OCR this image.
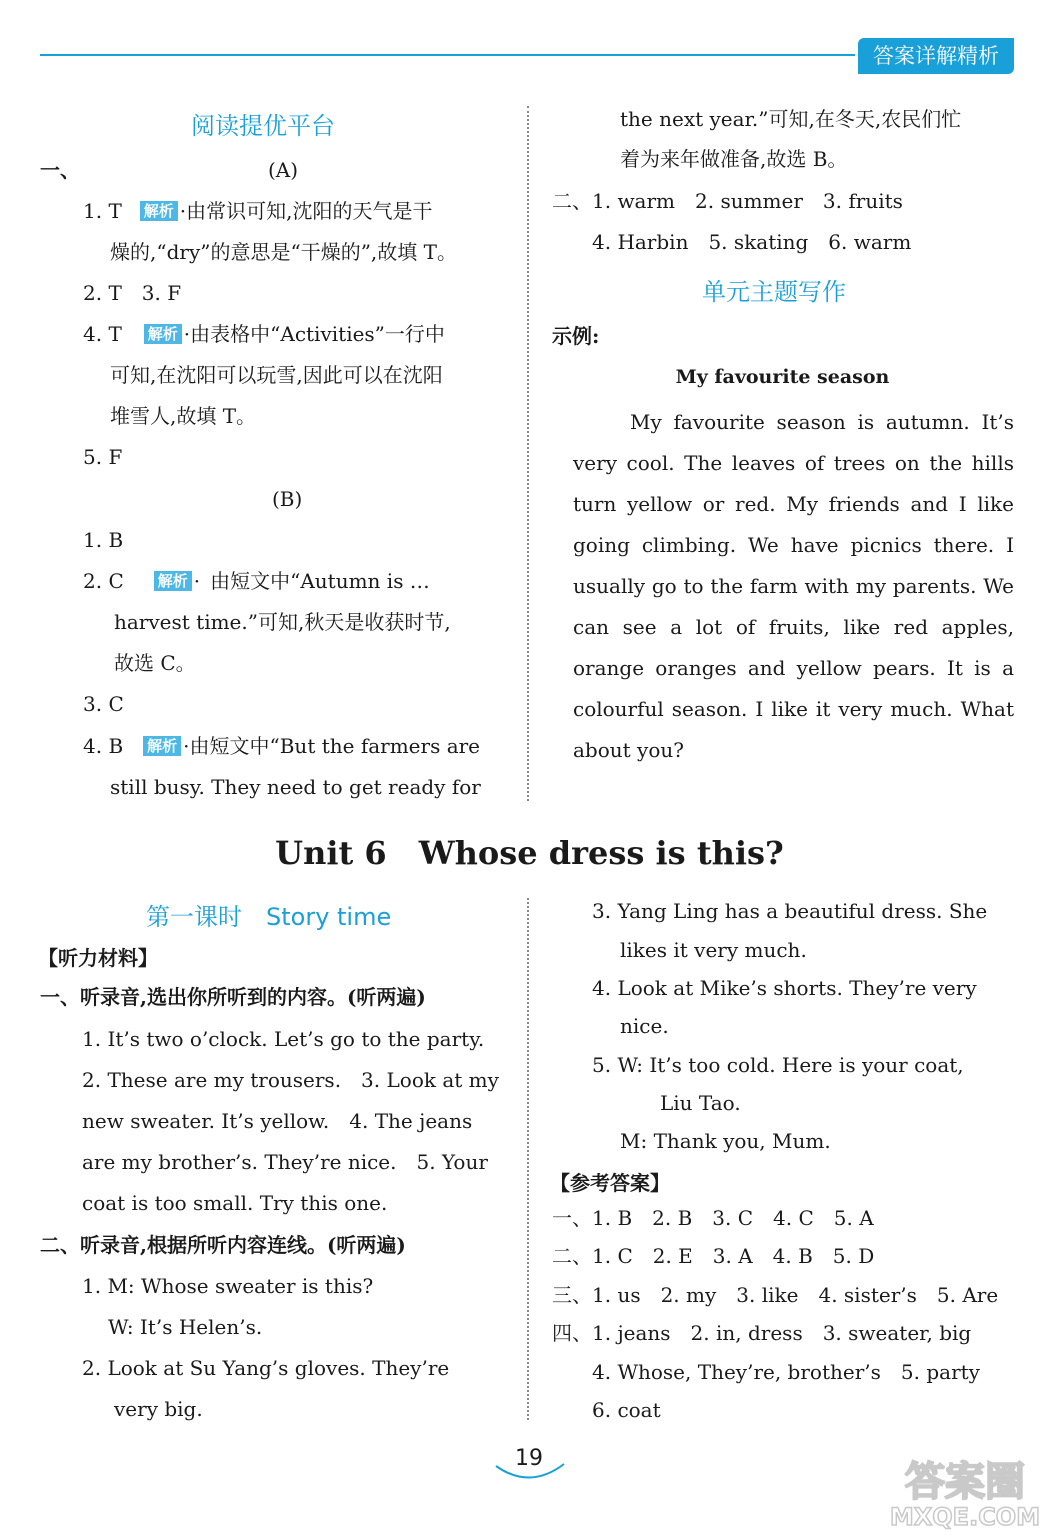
答案详解精析
阅读提优平台
一、	(A)
1. T 解析 ·由常识可知,沈阳的天气是干
燥的,“dry”的意思是“干燥的”,故填 T。
2. T　3. F
4. T 解析 ·由表格中“Activities”一行中
可知,在沈阳可以玩雪,因此可以在沈阳
堆雪人,故填 T。
5. F
(B)
1. B
2. C 解析 · 由短文中“Autumn is …
harvest time.”可知,秋天是收获时节,
故选 C。
3. C
4. B 解析 ·由短文中“But the farmers are
still busy. They need to get ready for
the next year.”可知,在冬天,农民们忙
着为来年做准备,故选 B。
二、1. warm　2. summer　3. fruits
4. Harbin　5. skating　6. warm
单元主题写作
示例:
My favourite season
My favourite season is autumn. It’s very cool. The leaves of trees on the hills turn yellow or red. My friends and I like going climbing. We have picnics there. I usually go to the farm with my parents. We can see a lot of fruits, like red apples, orange oranges and yellow pears. It is a colourful season. I like it very much. What about you?
Unit 6　Whose dress is this?
第一课时　Story time
【听力材料】
一、听录音,选出你所听到的内容。(听两遍)
1. It’s two o’clock. Let’s go to the party.
2. These are my trousers.　3. Look at my
new sweater. It’s yellow.　4. The jeans
are my brother’s. They’re nice.　5. Your
coat is too small. Try this one.
二、听录音,根据所听内容连线。(听两遍)
1. M: Whose sweater is this?
W: It’s Helen’s.
2. Look at Su Yang’s gloves. They’re
very big.
3. Yang Ling has a beautiful dress. She
likes it very much.
4. Look at Mike’s shorts. They’re very
nice.
5. W: It’s too cold. Here is your coat,
Liu Tao.
M: Thank you, Mum.
【参考答案】
一、1. B　2. B　3. C　4. C　5. A
二、1. C　2. E　3. A　4. B　5. D
三、1. us　2. my　3. like　4. sister’s　5. Are
四、1. jeans　2. in, dress　3. sweater, big
4. Whose, They’re, brother’s　5. party
6. coat
19
答案圈
MXQE.COM
